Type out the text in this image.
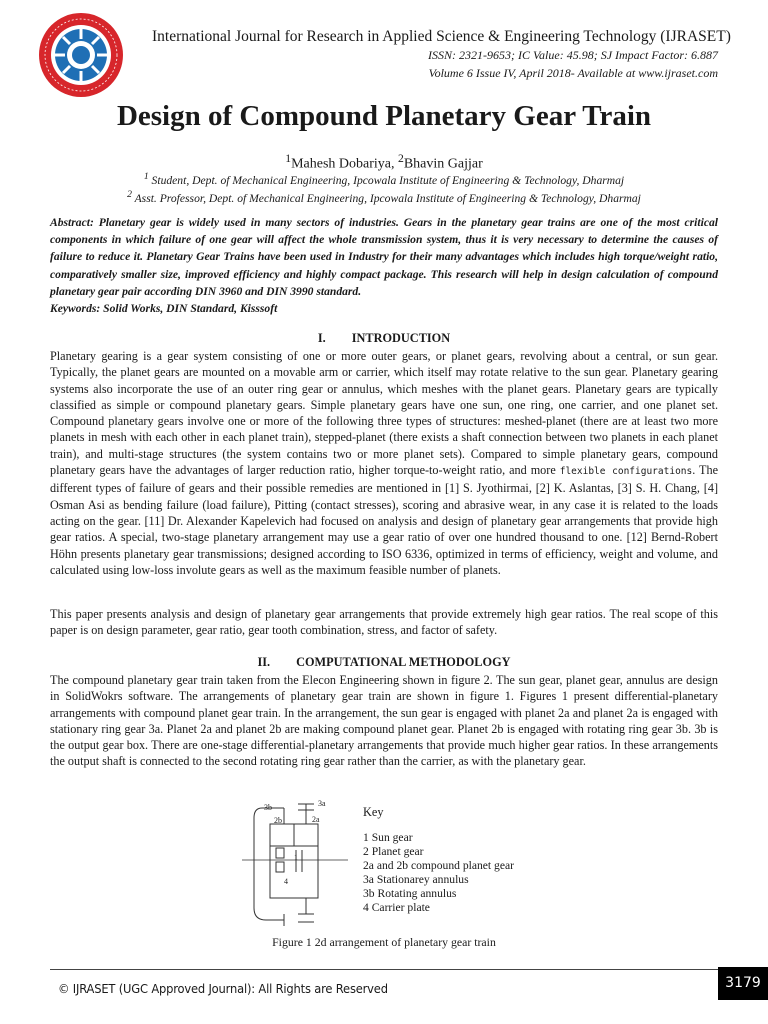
International Journal for Research in Applied Science & Engineering Technology (IJRASET)
ISSN: 2321-9653; IC Value: 45.98; SJ Impact Factor: 6.887
Volume 6 Issue IV, April 2018- Available at www.ijraset.com
Design of Compound Planetary Gear Train
$^1$Mahesh Dobariya, $^2$Bhavin Gajjar
$^1$ Student, Dept. of Mechanical Engineering, Ipcowala Institute of Engineering & Technology, Dharmaj
$^2$ Asst. Professor, Dept. of Mechanical Engineering, Ipcowala Institute of Engineering & Technology, Dharmaj
Abstract: Planetary gear is widely used in many sectors of industries. Gears in the planetary gear trains are one of the most critical components in which failure of one gear will affect the whole transmission system, thus it is very necessary to determine the causes of failure to reduce it. Planetary Gear Trains have been used in Industry for their many advantages which includes high torque/weight ratio, comparatively smaller size, improved efficiency and highly compact package. This research will help in design calculation of compound planetary gear pair according DIN 3960 and DIN 3990 standard.
Keywords: Solid Works, DIN Standard, Kisssoft
I. INTRODUCTION
Planetary gearing is a gear system consisting of one or more outer gears, or planet gears, revolving about a central, or sun gear. Typically, the planet gears are mounted on a movable arm or carrier, which itself may rotate relative to the sun gear. Planetary gearing systems also incorporate the use of an outer ring gear or annulus, which meshes with the planet gears. Planetary gears are typically classified as simple or compound planetary gears. Simple planetary gears have one sun, one ring, one carrier, and one planet set. Compound planetary gears involve one or more of the following three types of structures: meshed-planet (there are at least two more planets in mesh with each other in each planet train), stepped-planet (there exists a shaft connection between two planets in each planet train), and multi-stage structures (the system contains two or more planet sets). Compared to simple planetary gears, compound planetary gears have the advantages of larger reduction ratio, higher torque-to-weight ratio, and more flexible configurations. The different types of failure of gears and their possible remedies are mentioned in [1] S. Jyothirmai, [2] K. Aslantas, [3] S. H. Chang, [4] Osman Asi as bending failure (load failure), Pitting (contact stresses), scoring and abrasive wear, in any case it is related to the loads acting on the gear. [11] Dr. Alexander Kapelevich had focused on analysis and design of planetary gear arrangements that provide high gear ratios. A special, two-stage planetary arrangement may use a gear ratio of over one hundred thousand to one. [12] Bernd-Robert Höhn presents planetary gear transmissions; designed according to ISO 6336, optimized in terms of efficiency, weight and volume, and calculated using low-loss involute gears as well as the maximum feasible number of planets.
This paper presents analysis and design of planetary gear arrangements that provide extremely high gear ratios. The real scope of this paper is on design parameter, gear ratio, gear tooth combination, stress, and factor of safety.
II. COMPUTATIONAL METHODOLOGY
The compound planetary gear train taken from the Elecon Engineering shown in figure 2. The sun gear, planet gear, annulus are design in SolidWokrs software. The arrangements of planetary gear train are shown in figure 1. Figures 1 present differential-planetary arrangements with compound planet gear train. In the arrangement, the sun gear is engaged with planet 2a and planet 2a is engaged with stationary ring gear 3a. Planet 2a and planet 2b are making compound planet gear. Planet 2b is engaged with rotating ring gear 3b. 3b is the output gear box. There are one-stage differential-planetary arrangements that provide much higher gear ratios. In these arrangements the output shaft is connected to the second rotating ring gear rather than the carrier, as with the planetary gear.
3b	3a
2b	2a
1
4
Key
1 Sun gear
2 Planet gear
2a and 2b compound planet gear
3a Stationarey annulus
3b Rotating annulus
4 Carrier plate
Figure 1 2d arrangement of planetary gear train
© IJRASET (UGC Approved Journal): All Rights are Reserved	3179
